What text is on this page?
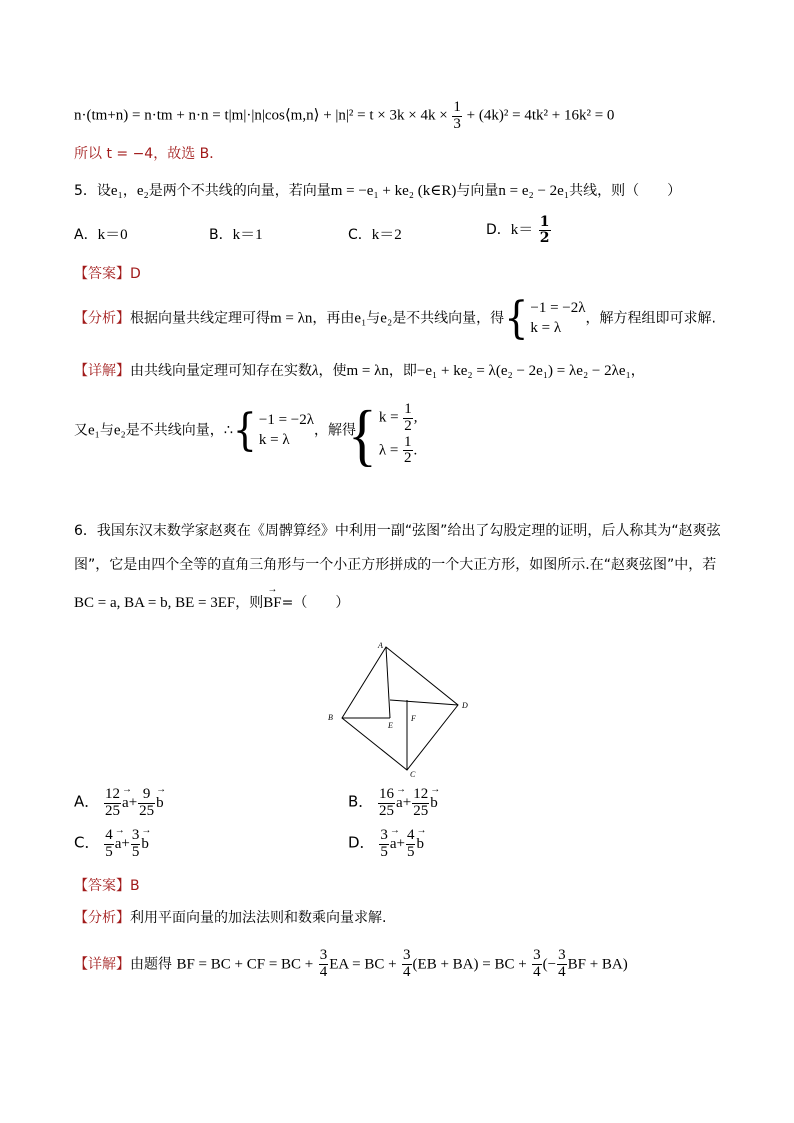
n·(tm+n) = n·tm + n·n = t|m|·|n|cos⟨m,n⟩ + $|n|^2 = t \times 3k \times 4k \times \frac{1}{3} + (4k)^2 = 4tk^2 + 16k^2 = 0$
所以 t = −4，故选 B．
5．设e₁，e₂是两个不共线的向量，若向量m = −e₁ + ke₂ (k∈R)与向量n = e₂ − 2e₁共线，则（　　）
A．k＝0	B．k＝1	C．k＝2	D．$k= \frac{1}{2}$
【答案】D
【分析】根据向量共线定理可得m = λn，再由e₁与e₂是不共线向量，得{ −1 = −2λ
k = λ，解方程组即可求解.
【详解】由共线向量定理可知存在实数λ，使m = λn，即−e₁ + ke₂ = λ(e₂ − 2e₁) = λe₂ − 2λe₁，
又e₁与e₂是不共线向量，∴{ −1 = −2λ
k = λ，解得
{ $k = \frac{1}{2}$ ,
$\lambda = \frac{1}{2}$ .
6．我国东汉末数学家赵爽在《周髀算经》中利用一副“弦图”给出了勾股定理的证明，后人称其为“赵爽弦
图”，它是由四个全等的直角三角形与一个小正方形拼成的一个大正方形，如图所示.在“赵爽弦图”中，若
BC = a, BA = b, BE = 3EF，则→ BF=（　　）
A
B
C
D
E
F
A． $\frac{12}{25}$
→ $a+ \frac{9}{25}$
→ b	B． $\frac{16}{25}$
→ $a+ \frac{12}{25}$
→ b
C． $\frac{4}{5}$
→ $a+ \frac{3}{5}$
→ b	D． $\frac{3}{5}$
→ $a+ \frac{4}{5}$
→ b
【答案】B
【分析】利用平面向量的加法法则和数乘向量求解.
【详解】由题得 BF = BC + CF = BC + $\frac{3}{4}$ EA = BC + $\frac{3}{4} (EB + BA)$ = BC + $\frac{3}{4}$ (− $\frac{3}{4}$ BF + BA)
